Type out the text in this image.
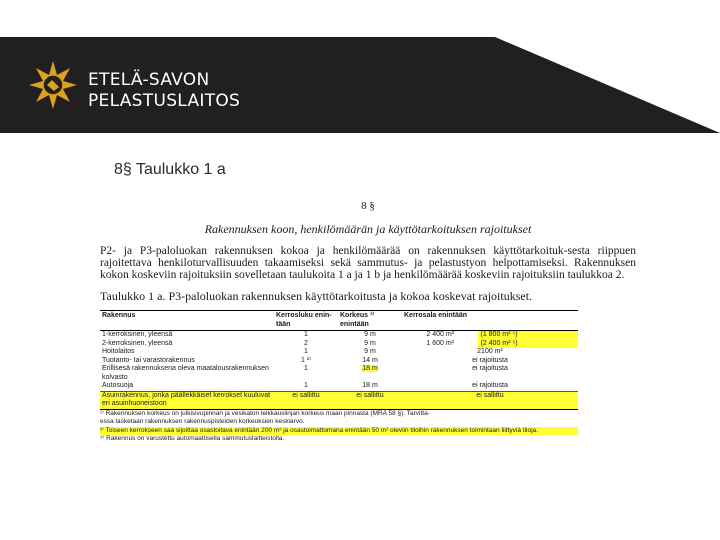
ETELÄ-SAVON
PELASTUSLAITOS
8§ Taulukko 1 a
8 §
Rakennuksen koon, henkilömäärän ja käyttötarkoituksen rajoitukset
P2- ja P3-paloluokan rakennuksen kokoa ja henkilömäärää on rakennuksen käyttötarkoituk-sesta riippuen rajoitettava henkiloturvallisuuden takaamiseksi sekä sammutus- ja pelastustyon helpottamiseksi. Rakennuksen kokon koskeviin rajoituksiin sovelletaan taulukoita 1 a ja 1 b ja henkilömäärää koskeviin rajoituksiin taulukkoa 2.
Taulukko 1 a. P3-paloluokan rakennuksen käyttötarkoitusta ja kokoa koskevat rajoitukset.
Rakennus	Kerrosluku enin-tään	Korkeus ¹⁾ enintään	Kerrosala enintään	
1-kerroksinen, yleensä	1	9 m	2 400 m²	(1 800 m² ⁵)
2-kerroksinen, yleensä	2	9 m	1 600 m²	(2 400 m² ⁵)
Hoitolaitos	1	9 m	2100 m²	
Tuotanto- tai varastorakennus	1 ²⁾	14 m	ei rajoitusta	
Erillisesä rakennuksena oleva maatalousrakennuksen kolvasto	1	18 m	ei rajoitusta	
Autosuoja	1	18 m	ei rajoitusta	
Asuinrakennus, jonka päällekkäiset kerrokset kuuluvat eri asuinhuoneistoon	ei sallittu	ei sallittu	ei sallittu	
¹⁾ Rakennuksen korkeus on julkisivupinnan ja vesikaton leikkauslinjan korkeus maan pinnasta (MRA 58 §). Tarvitta-
essa lasketaan rakennuksen rakennuspisteiden korkeuksien keskiarvo.
²⁾ Toiseen kerrokseen saa sijoittaa osastoitava enintään 200 m² ja osastoimattomana enintään 50 m² oleviin tiloihin rakennuksen toimintaan liittyviä tiloja.
⁵⁾ Rakennus on varustettu automaattisella sammutuslaitteistolla.
